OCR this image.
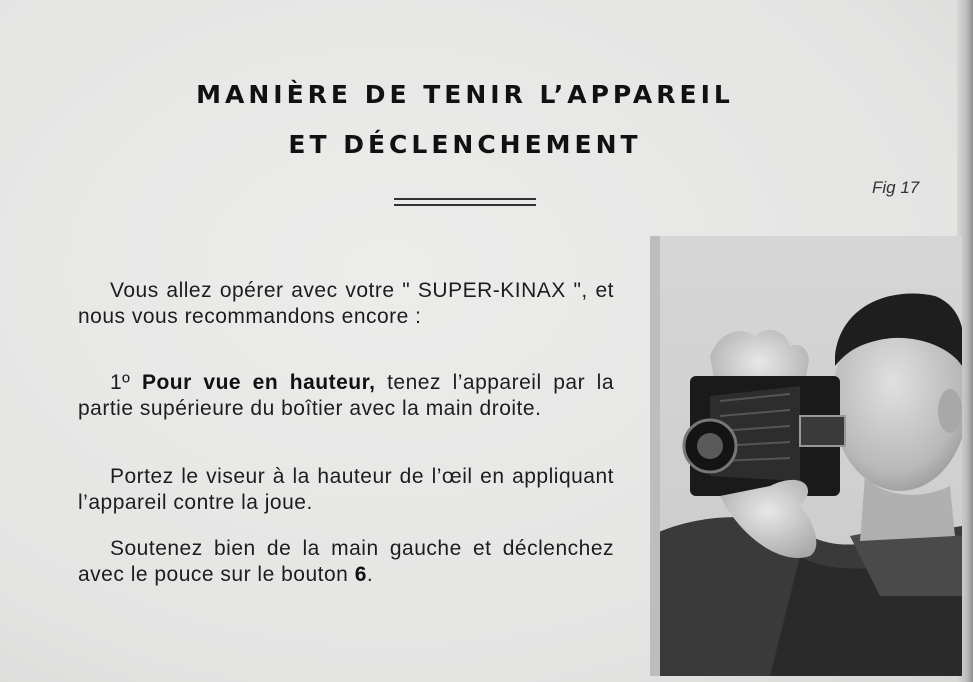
MANIÈRE DE TENIR L’APPAREIL
ET DÉCLENCHEMENT
Fig 17
Vous allez opérer avec votre " SUPER-KINAX ", et nous vous recommandons encore :
1º Pour vue en hauteur, tenez l’appareil par la partie supérieure du boîtier avec la main droite.
Portez le viseur à la hauteur de l’œil en appliquant l’appareil contre la joue.
Soutenez bien de la main gauche et déclenchez avec le pouce sur le bouton 6.
